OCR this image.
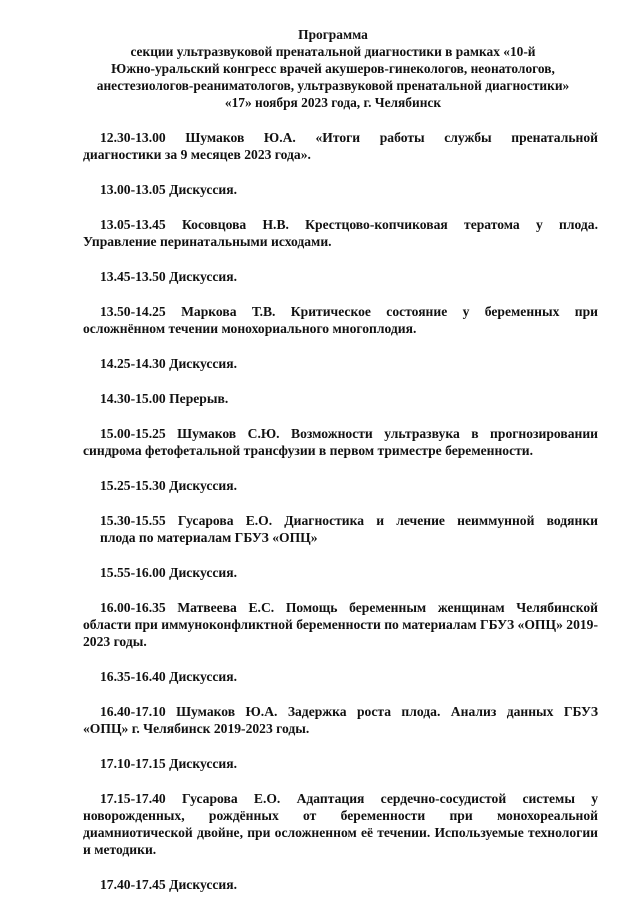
Программа
секции ультразвуковой пренатальной диагностики в рамках «10-й
Южно-уральский конгресс врачей акушеров-гинекологов, неонатологов,
анестезиологов-реаниматологов, ультразвуковой пренатальной диагностики»
«17» ноября 2023 года, г. Челябинск
12.30-13.00 Шумаков Ю.А. «Итоги работы службы пренатальной
диагностики за 9 месяцев 2023 года».
13.00-13.05 Дискуссия.
13.05-13.45 Косовцова Н.В. Крестцово-копчиковая тератома у плода.
Управление перинатальными исходами.
13.45-13.50 Дискуссия.
13.50-14.25 Маркова Т.В. Критическое состояние у беременных при
осложнённом течении монохориального многоплодия.
14.25-14.30 Дискуссия.
14.30-15.00 Перерыв.
15.00-15.25 Шумаков С.Ю. Возможности ультразвука в прогнозировании
синдрома фетофетальной трансфузии в первом триместре беременности.
15.25-15.30 Дискуссия.
15.30-15.55 Гусарова Е.О. Диагностика и лечение неиммунной водянки
плода по материалам ГБУЗ «ОПЦ»
15.55-16.00 Дискуссия.
16.00-16.35 Матвеева Е.С. Помощь беременным женщинам Челябинской
области при иммуноконфликтной беременности по материалам ГБУЗ «ОПЦ» 2019-2023 годы.
16.35-16.40 Дискуссия.
16.40-17.10 Шумаков Ю.А. Задержка роста плода. Анализ данных ГБУЗ
«ОПЦ» г. Челябинск 2019-2023 годы.
17.10-17.15 Дискуссия.
17.15-17.40 Гусарова Е.О. Адаптация сердечно-сосудистой системы у
новорожденных, рождённых от беременности при монохореальной диамниотической двойне, при осложненном её течении. Используемые технологии и методики.
17.40-17.45 Дискуссия.
